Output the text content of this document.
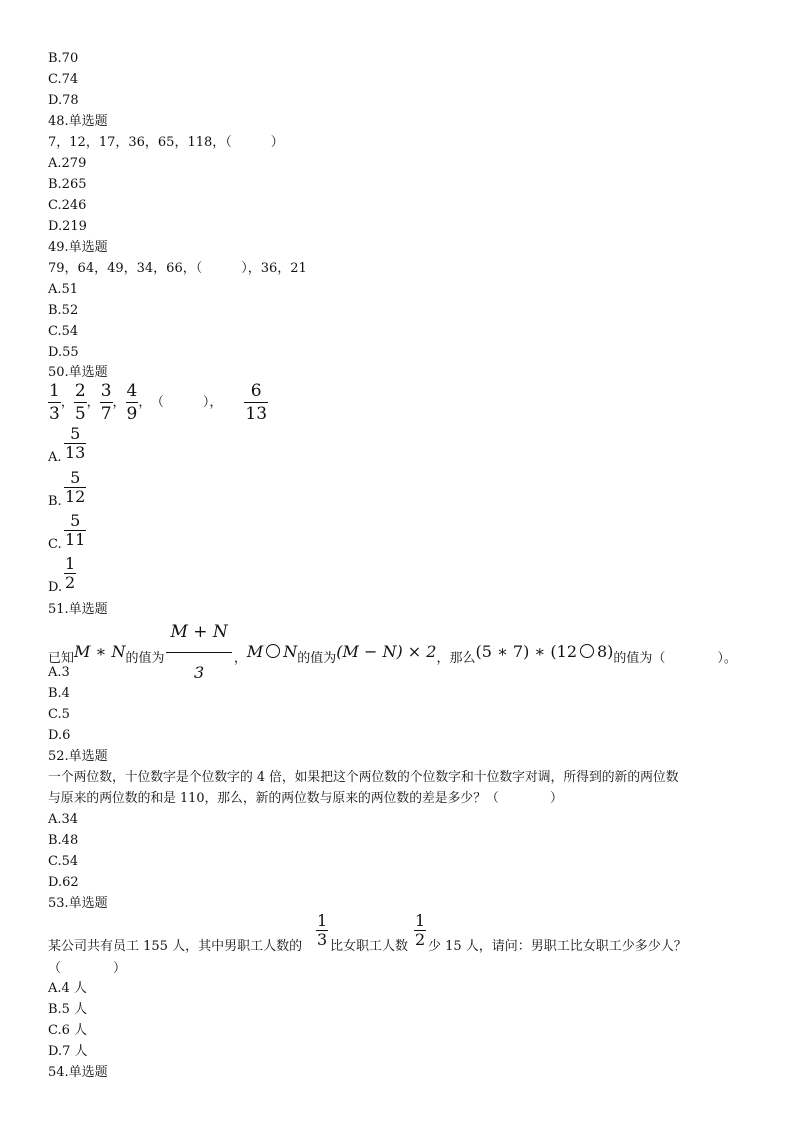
B.70
C.74
D.78
48.单选题
7，12，17，36，65，118，（　　　）
A.279
B.265
C.246
D.219
49.单选题
79，64，49，34，66，（　　　），36，21
A.51
B.52
C.54
D.55
50.单选题
$\frac{1}{3}$ ， $\frac{2}{5}$ ， $\frac{3}{7}$ ， $\frac{4}{9}$ ， （　　　）， $\frac{6}{13}$
A.
5
13
B.
5
12
C.
5
11
D.
1
2
51.单选题
已知M ∗ N的值为 $\frac{M + N}{3}$ ，M N的值为(M − N) × 2，那么(5 ∗ 7) ∗ (12 8)的值为（　　　　）。
A.3
B.4
C.5
D.6
52.单选题
一个两位数，十位数字是个位数字的 4 倍，如果把这个两位数的个位数字和十位数字对调，所得到的新的两位数
与原来的两位数的和是 110，那么，新的两位数与原来的两位数的差是多少？（　　　　）
A.34
B.48
C.54
D.62
53.单选题
某公司共有员工 155 人，其中男职工人数的
1
3 比女职工人数
1
2 少 15 人，请问：男职工比女职工少多少人？
（　　　　）
A.4 人
B.5 人
C.6 人
D.7 人
54.单选题
